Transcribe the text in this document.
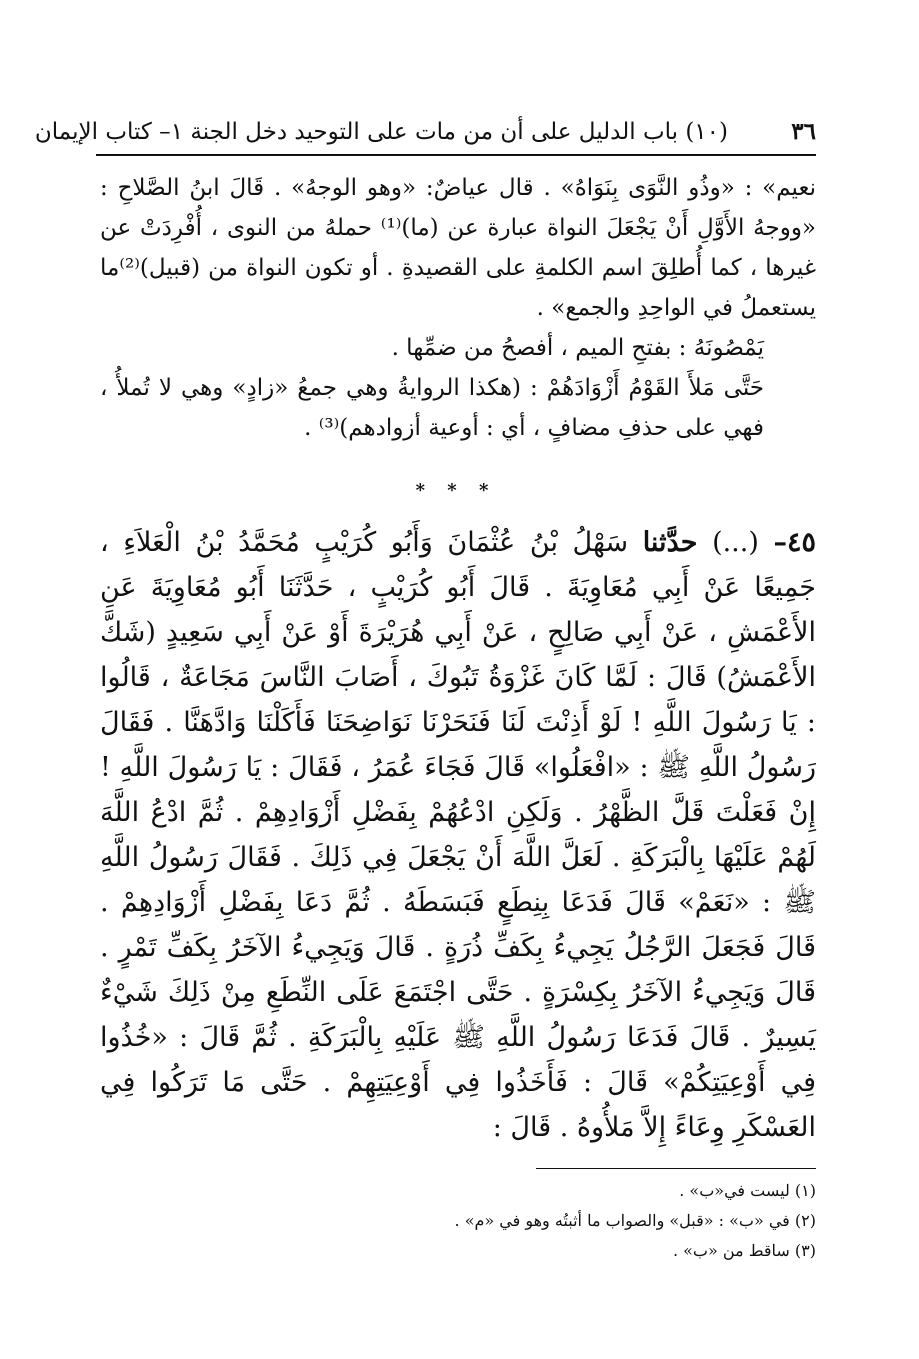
٣٦
(١٠) باب الدليل على أن من مات على التوحيد دخل الجنة ١– كتاب الإيمان

نعيم» : «وذُو النَّوَى بِنَوَاهُ» . قال عياضٌ: «وهو الوجهُ» . قَالَ ابنُ الصَّلاحِ : «ووجهُ الأَوَّلِ أَنْ يَجْعَلَ النواة عبارة عن (ما)⁽¹⁾ حملهُ من النوى ، أُفْرِدَتْ عن غيرها ، كما أُطلِقَ اسم الكلمةِ على القصيدةِ . أو تكون النواة من (قبيل)⁽²⁾ما يستعملُ في الواحِدِ والجمع» .

يَمْصُونَهُ : بفتحِ الميم ، أفصحُ من ضمِّها .

حَتَّى مَلأَ القَوْمُ أَزْوَادَهُمْ : (هكذا الروايةُ وهي جمعُ «زادٍ» وهي لا تُملأُ ، فهي على حذفِ مضافٍ ، أي : أوعية أزوادهم)⁽³⁾ .

* * *
٤٥– (...) حدَّثنا سَهْلُ بْنُ عُثْمَانَ وَأَبُو كُرَيْبٍ مُحَمَّدُ بْنُ الْعَلاَءِ ، جَمِيعًا عَنْ أَبِي مُعَاوِيَةَ . قَالَ أَبُو كُرَيْبٍ ، حَدَّثَنَا أَبُو مُعَاوِيَةَ عَنِ الأَعْمَشِ ، عَنْ أَبِي صَالِحٍ ، عَنْ أَبِي هُرَيْرَةَ أَوْ عَنْ أَبِي سَعِيدٍ (شَكَّ الأَعْمَشُ) قَالَ : لَمَّا كَانَ غَزْوَةُ تَبُوكَ ، أَصَابَ النَّاسَ مَجَاعَةٌ ، قَالُوا : يَا رَسُولَ اللَّهِ ! لَوْ أَذِنْتَ لَنَا فَنَحَرْنَا نَوَاضِحَنَا فَأَكَلْنَا وَادَّهَنَّا . فَقَالَ رَسُولُ اللَّهِ ﷺ : «افْعَلُوا» قَالَ فَجَاءَ عُمَرُ ، فَقَالَ : يَا رَسُولَ اللَّهِ ! إِنْ فَعَلْتَ قَلَّ الظَّهْرُ . وَلَكِنِ ادْعُهُمْ بِفَضْلِ أَزْوَادِهِمْ . ثُمَّ ادْعُ اللَّهَ لَهُمْ عَلَيْهَا بِالْبَرَكَةِ . لَعَلَّ اللَّهَ أَنْ يَجْعَلَ فِي ذَلِكَ . فَقَالَ رَسُولُ اللَّهِ ﷺ : «نَعَمْ» قَالَ فَدَعَا بِنِطَعٍ فَبَسَطَهُ . ثُمَّ دَعَا بِفَضْلِ أَزْوَادِهِمْ . قَالَ فَجَعَلَ الرَّجُلُ يَجِيءُ بِكَفِّ ذُرَةٍ . قَالَ وَيَجِيءُ الآخَرُ بِكَفِّ تَمْرٍ . قَالَ وَيَجِيءُ الآخَرُ بِكِسْرَةٍ . حَتَّى اجْتَمَعَ عَلَى النِّطَعِ مِنْ ذَلِكَ شَيْءٌ يَسِيرٌ . قَالَ فَدَعَا رَسُولُ اللَّهِ ﷺ عَلَيْهِ بِالْبَرَكَةِ . ثُمَّ قَالَ : «خُذُوا فِي أَوْعِيَتِكُمْ» قَالَ : فَأَخَذُوا فِي أَوْعِيَتِهِمْ . حَتَّى مَا تَرَكُوا فِي العَسْكَرِ وِعَاءً إِلاَّ مَلأُوهُ . قَالَ :
(١) ليست في«ب» .
(٢) في «ب» : «قبل» والصواب ما أثبتُه وهو في «م» .
(٣) ساقط من «ب» .
